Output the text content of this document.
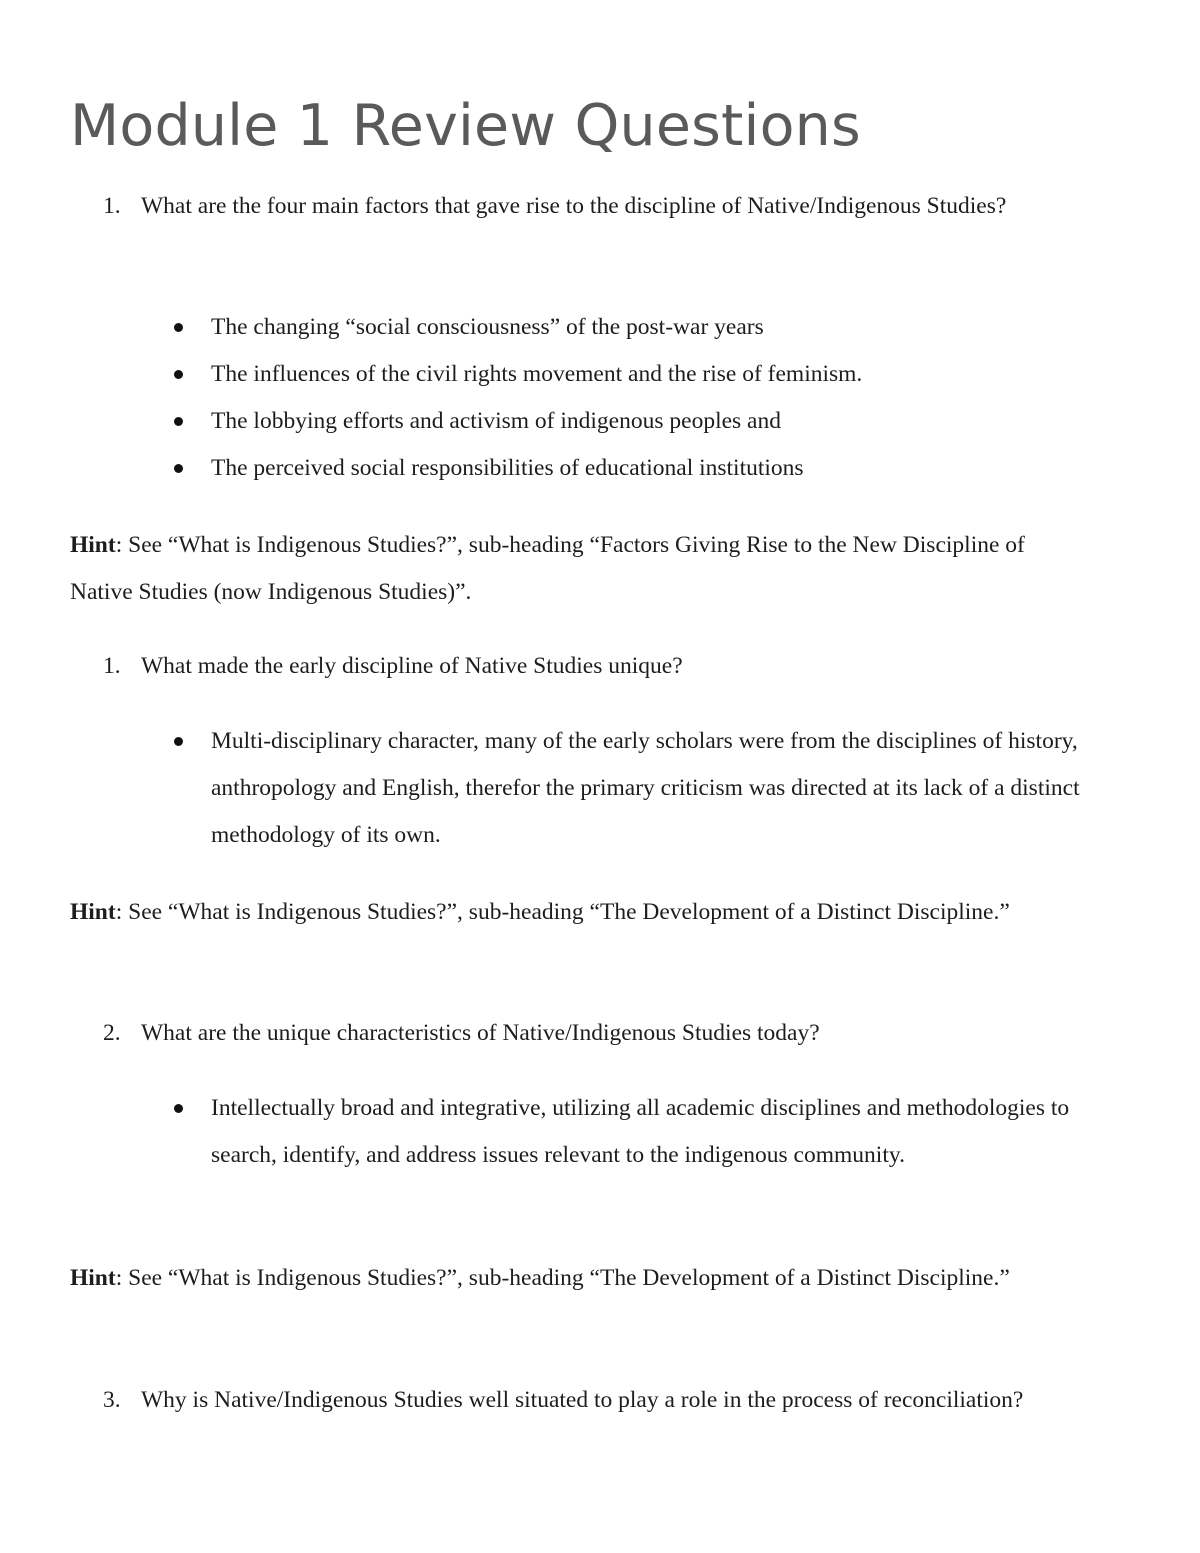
Module 1 Review Questions
1. What are the four main factors that gave rise to the discipline of Native/Indigenous Studies?
The changing “social consciousness” of the post-war years
The influences of the civil rights movement and the rise of feminism.
The lobbying efforts and activism of indigenous peoples and
The perceived social responsibilities of educational institutions
Hint: See “What is Indigenous Studies?”, sub-heading “Factors Giving Rise to the New Discipline of Native Studies (now Indigenous Studies)”.
1. What made the early discipline of Native Studies unique?
Multi-disciplinary character, many of the early scholars were from the disciplines of history, anthropology and English, therefor the primary criticism was directed at its lack of a distinct methodology of its own.
Hint: See “What is Indigenous Studies?”, sub-heading “The Development of a Distinct Discipline.”
2. What are the unique characteristics of Native/Indigenous Studies today?
Intellectually broad and integrative, utilizing all academic disciplines and methodologies to search, identify, and address issues relevant to the indigenous community.
Hint: See “What is Indigenous Studies?”, sub-heading “The Development of a Distinct Discipline.”
3. Why is Native/Indigenous Studies well situated to play a role in the process of reconciliation?
